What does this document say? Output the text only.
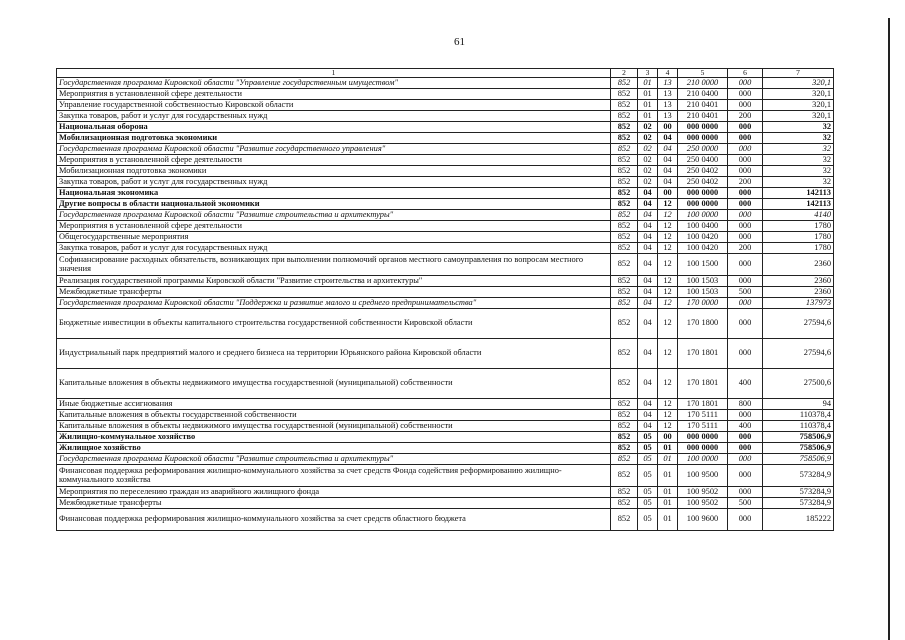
61
1	2	3	4	5	6	7
Государственная программа Кировской области "Управление государственным имуществом"	852	01	13	210 0000	000	320,1
Мероприятия в установленной сфере деятельности	852	01	13	210 0400	000	320,1
Управление государственной собственностью Кировской области	852	01	13	210 0401	000	320,1
Закупка товаров, работ и услуг для государственных нужд	852	01	13	210 0401	200	320,1
Национальная оборона	852	02	00	000 0000	000	32
Мобилизационная подготовка экономики	852	02	04	000 0000	000	32
Государственная программа Кировской области "Развитие государственного управления"	852	02	04	250 0000	000	32
Мероприятия в установленной сфере деятельности	852	02	04	250 0400	000	32
Мобилизационная подготовка экономики	852	02	04	250 0402	000	32
Закупка товаров, работ и услуг для государственных нужд	852	02	04	250 0402	200	32
Национальная экономика	852	04	00	000 0000	000	142113
Другие вопросы в области национальной экономики	852	04	12	000 0000	000	142113
Государственная программа Кировской области "Развитие строительства и архитектуры"	852	04	12	100 0000	000	4140
Мероприятия в установленной сфере деятельности	852	04	12	100 0400	000	1780
Общегосударственные мероприятия	852	04	12	100 0420	000	1780
Закупка товаров, работ и услуг для государственных нужд	852	04	12	100 0420	200	1780
Софинансирование расходных обязательств, возникающих при выполнении полномочий органов местного самоуправления по вопросам местного значения	852	04	12	100 1500	000	2360
Реализация государственной программы Кировской области "Развитие строительства и архитектуры"	852	04	12	100 1503	000	2360
Межбюджетные трансферты	852	04	12	100 1503	500	2360
Государственная программа Кировской области "Поддержка и развитие малого и среднего предпринимательства"	852	04	12	170 0000	000	137973
Бюджетные инвестиции в объекты капитального строительства государственной собственности Кировской области	852	04	12	170 1800	000	27594,6
Индустриальный парк предприятий малого и среднего бизнеса на территории Юрьянского района Кировской области	852	04	12	170 1801	000	27594,6
Капитальные вложения в объекты недвижимого имущества государственной (муниципальной) собственности	852	04	12	170 1801	400	27500,6
Иные бюджетные ассигнования	852	04	12	170 1801	800	94
Капитальные вложения в объекты государственной собственности	852	04	12	170 5111	000	110378,4
Капитальные вложения в объекты недвижимого имущества государственной (муниципальной) собственности	852	04	12	170 5111	400	110378,4
Жилищно-коммунальное хозяйство	852	05	00	000 0000	000	758506,9
Жилищное хозяйство	852	05	01	000 0000	000	758506,9
Государственная программа Кировской области "Развитие строительства и архитектуры"	852	05	01	100 0000	000	758506,9
Финансовая поддержка реформирования жилищно-коммунального хозяйства за счет средств Фонда содействия реформированию жилищно-коммунального хозяйства	852	05	01	100 9500	000	573284,9
Мероприятия по переселению граждан из аварийного жилищного фонда	852	05	01	100 9502	000	573284,9
Межбюджетные трансферты	852	05	01	100 9502	500	573284,9
Финансовая поддержка реформирования жилищно-коммунального хозяйства за счет средств областного бюджета	852	05	01	100 9600	000	185222
